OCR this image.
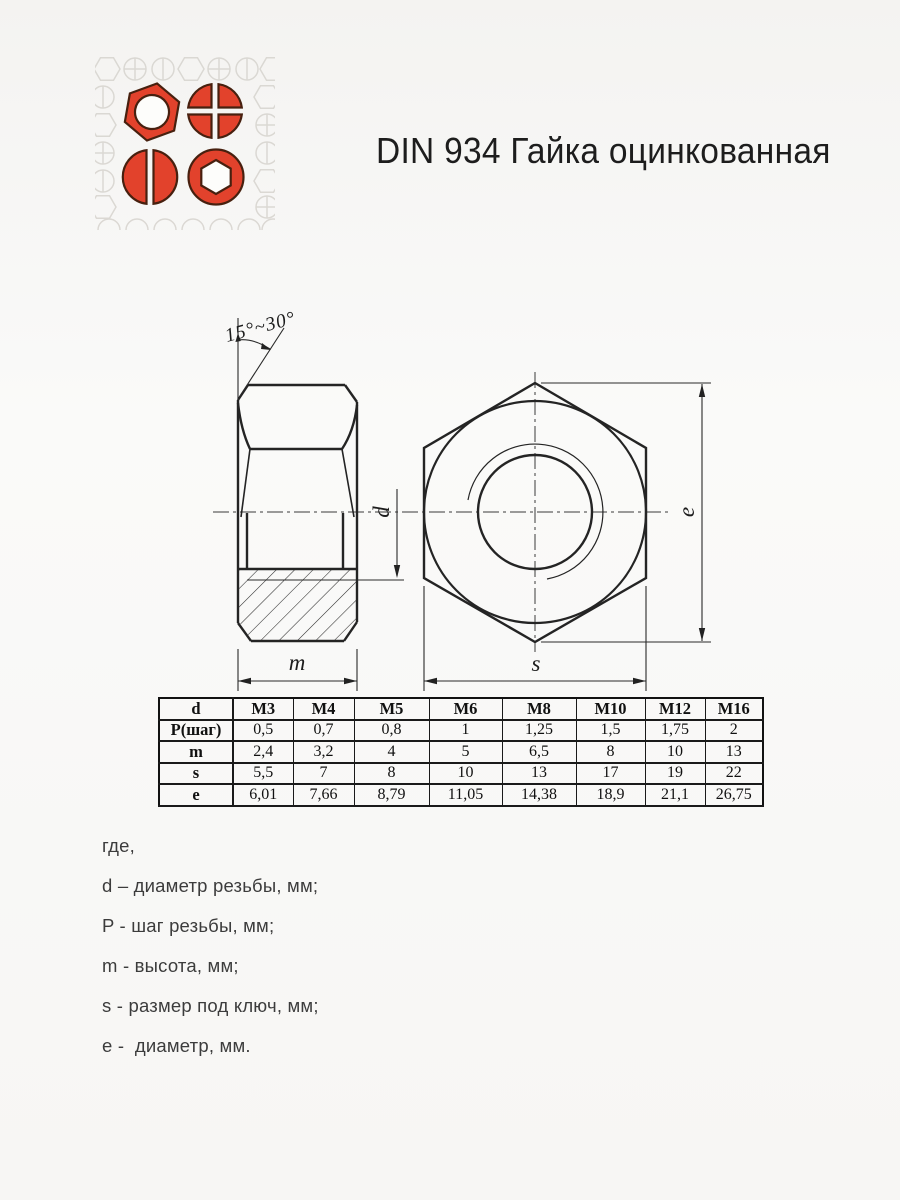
DIN 934 Гайка оцинкованная
15°~30°
d	e
m	s
d	M3	M4	M5	M6	M8	M10	M12	M16
P(шаг)	0,5	0,7	0,8	1	1,25	1,5	1,75	2
m	2,4	3,2	4	5	6,5	8	10	13
s	5,5	7	8	10	13	17	19	22
e	6,01	7,66	8,79	11,05	14,38	18,9	21,1	26,75
где,
d – диаметр резьбы, мм;
P - шаг резьбы, мм;
m - высота, мм;
s - размер под ключ, мм;
e -  диаметр, мм.
